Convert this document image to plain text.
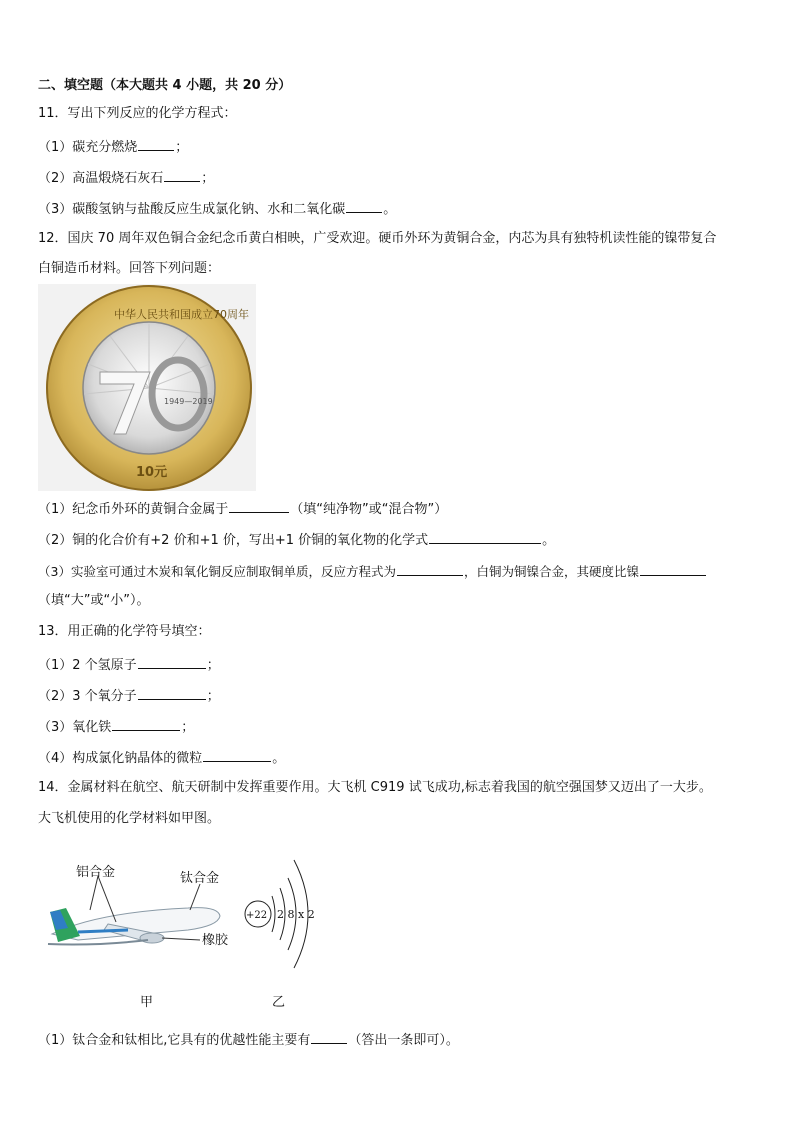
二、填空题（本大题共 4 小题，共 20 分）
11．写出下列反应的化学方程式：
（1）碳充分燃烧	；
（2）高温煅烧石灰石	；
（3）碳酸氢钠与盐酸反应生成氯化钠、水和二氧化碳	。
12．国庆 70 周年双色铜合金纪念币黄白相映，广受欢迎。硬币外环为黄铜合金，内芯为具有独特机读性能的镍带复合
白铜造币材料。回答下列问题：
中华人民共和国成立70周年
1949—2019
10元
（1）纪念币外环的黄铜合金属于	（填“纯净物”或“混合物”）
（2）铜的化合价有+2 价和+1 价，写出+1 价铜的氧化物的化学式	。
（3）实验室可通过木炭和氧化铜反应制取铜单质，反应方程式为	，白铜为铜镍合金，其硬度比镍
（填“大”或“小”）。
13．用正确的化学符号填空：
（1）2 个氢原子	；
（2）3 个氧分子	；
（3）氧化铁	；
（4）构成氯化钠晶体的微粒	。
14．金属材料在航空、航天研制中发挥重要作用。大飞机 C919 试飞成功,标志着我国的航空强国梦又迈出了一大步。
大飞机使用的化学材料如甲图。
铝合金	钛合金
橡胶
+22 2 8 x 2
甲	乙
（1）钛合金和钛相比,它具有的优越性能主要有	（答出一条即可）。
